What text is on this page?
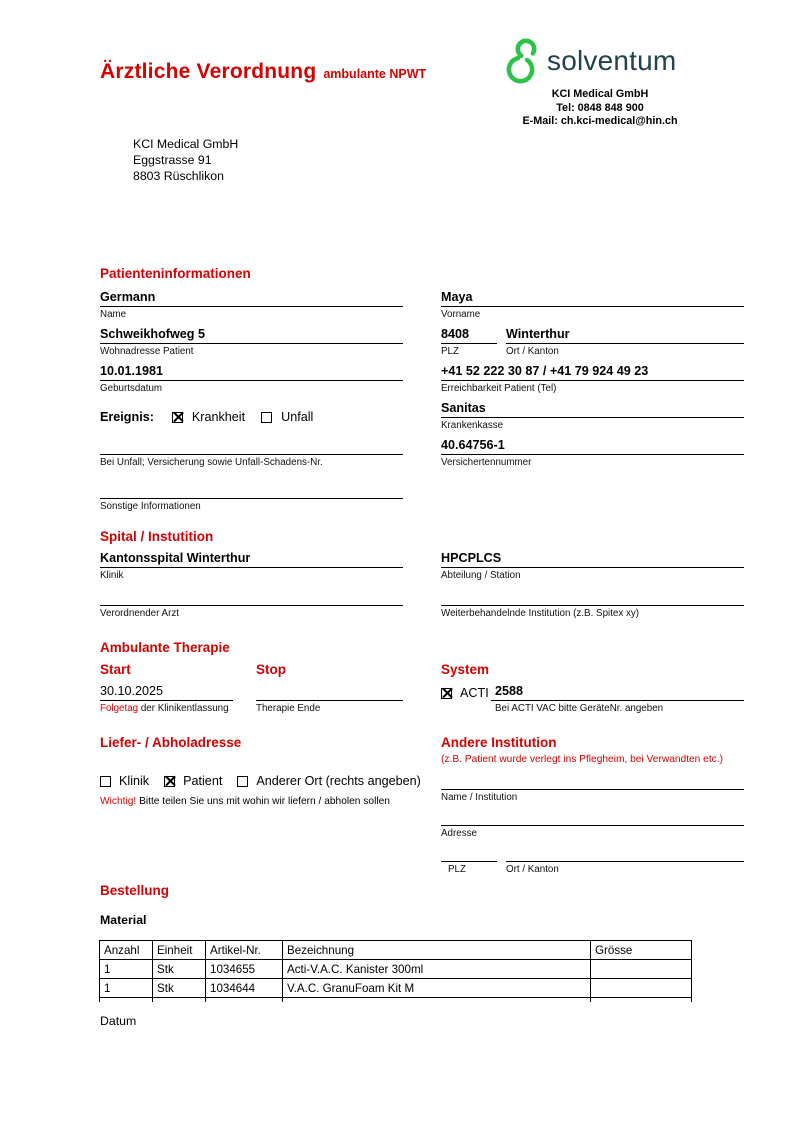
Ärztliche Verordnung ambulante NPWT	solventum
KCI Medical GmbH
Tel: 0848 848 900
E-Mail: ch.kci-medical@hin.ch
KCI Medical GmbH
Eggstrasse 91
8803 Rüschlikon
Patienteninformationen
Germann
Name
Schweikhofweg 5
Wohnadresse Patient
10.01.1981
Geburtsdatum
Ereignis:	Krankheit	Unfall
Bei Unfall; Versicherung sowie Unfall-Schadens-Nr.
Sonstige Informationen
Maya
Vorname
8408
PLZ
Winterthur
Ort / Kanton
+41 52 222 30 87 / +41 79 924 49 23
Erreichbarkeit Patient (Tel)
Sanitas
Krankenkasse
40.64756-1
Versichertennummer
Spital / Instutition
Kantonsspital Winterthur
Klinik
Verordnender Arzt
HPCPLCS
Abteilung / Station
Weiterbehandelnde Institution (z.B. Spitex xy)
Ambulante Therapie
Start	Stop
30.10.2025
Folgetag der Klinikentlassung	Therapie Ende
System
ACTI 2588
Bei ACTI VAC bitte GeräteNr. angeben
Liefer- / Abholadresse
Klinik	Patient	Anderer Ort (rechts angeben)
Wichtig! Bitte teilen Sie uns mit wohin wir liefern / abholen sollen
Andere Institution
(z.B. Patient wurde verlegt ins Pflegheim, bei Verwandten etc.)
Name / Institution
Adresse
PLZ	Ort / Kanton
Bestellung
Material
Anzahl	Einheit	Artikel-Nr.	Bezeichnung	Grösse
1	Stk	1034655	Acti-V.A.C. Kanister 300ml	
1	Stk	1034644	V.A.C. GranuFoam Kit M	

Datum
